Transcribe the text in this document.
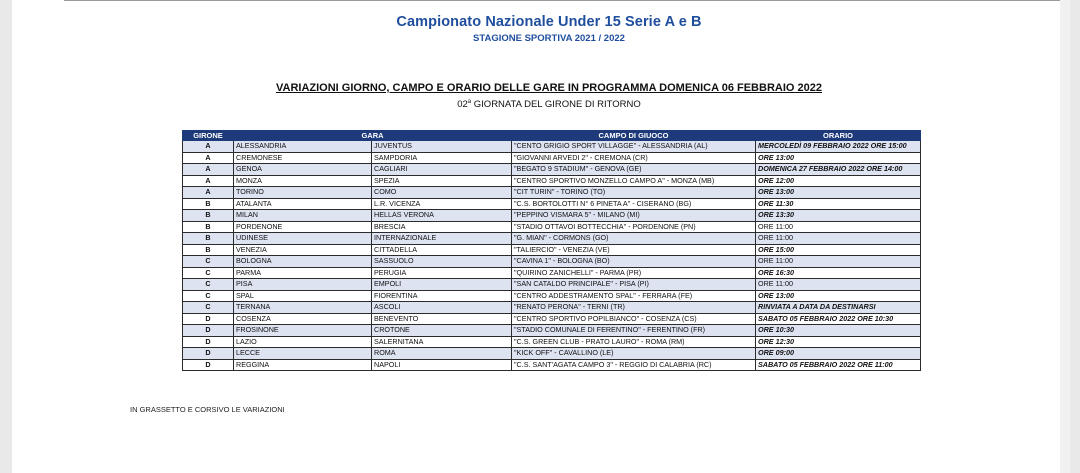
Campionato Nazionale Under 15 Serie A e B
STAGIONE SPORTIVA 2021 / 2022
VARIAZIONI GIORNO, CAMPO E ORARIO DELLE GARE IN PROGRAMMA DOMENICA 06 FEBBRAIO 2022
02$^a$ GIORNATA DEL GIRONE DI RITORNO
GIRONE	GARA		CAMPO DI GIUOCO	ORARIO
A	ALESSANDRIA	JUVENTUS	"CENTO GRIGIO SPORT VILLAGGE" - ALESSANDRIA (AL)	MERCOLEDÌ 09 FEBBRAIO 2022 ORE 15:00
A	CREMONESE	SAMPDORIA	"GIOVANNI ARVEDI 2" - CREMONA (CR)	ORE 13:00
A	GENOA	CAGLIARI	"BEGATO 9 STADIUM" - GENOVA (GE)	DOMENICA 27 FEBBRAIO 2022 ORE 14:00
A	MONZA	SPEZIA	"CENTRO SPORTIVO MONZELLO CAMPO A" - MONZA (MB)	ORE 12:00
A	TORINO	COMO	"CIT TURIN" - TORINO (TO)	ORE 13:00
B	ATALANTA	L.R. VICENZA	"C.S. BORTOLOTTI N° 6 PINETA A" - CISERANO (BG)	ORE 11:30
B	MILAN	HELLAS VERONA	"PEPPINO VISMARA 5" - MILANO (MI)	ORE 13:30
B	PORDENONE	BRESCIA	"STADIO OTTAVOI BOTTECCHIA" - PORDENONE (PN)	ORE 11:00
B	UDINESE	INTERNAZIONALE	"G. MIAN" - CORMONS (GO)	ORE 11:00
B	VENEZIA	CITTADELLA	"TALIERCIO" - VENEZIA (VE)	ORE 15:00
C	BOLOGNA	SASSUOLO	"CAVINA 1" - BOLOGNA (BO)	ORE 11:00
C	PARMA	PERUGIA	"QUIRINO ZANICHELLI" - PARMA (PR)	ORE 16:30
C	PISA	EMPOLI	"SAN CATALDO PRINCIPALE" - PISA (PI)	ORE 11:00
C	SPAL	FIORENTINA	"CENTRO ADDESTRAMENTO SPAL" - FERRARA (FE)	ORE 13:00
C	TERNANA	ASCOLI	"RENATO PERONA" - TERNI (TR)	RINVIATA A DATA DA DESTINARSI
D	COSENZA	BENEVENTO	"CENTRO SPORTIVO POPILBIANCO" - COSENZA (CS)	SABATO 05 FEBBRAIO 2022 ORE 10:30
D	FROSINONE	CROTONE	"STADIO COMUNALE DI FERENTINO" - FERENTINO (FR)	ORE 10:30
D	LAZIO	SALERNITANA	"C.S. GREEN CLUB - PRATO LAURO" - ROMA (RM)	ORE 12:30
D	LECCE	ROMA	"KICK OFF" - CAVALLINO (LE)	ORE 09:00
D	REGGINA	NAPOLI	"C.S. SANT'AGATA CAMPO 3" - REGGIO DI CALABRIA (RC)	SABATO 05 FEBBRAIO 2022 ORE 11:00
IN GRASSETTO E CORSIVO LE VARIAZIONI
